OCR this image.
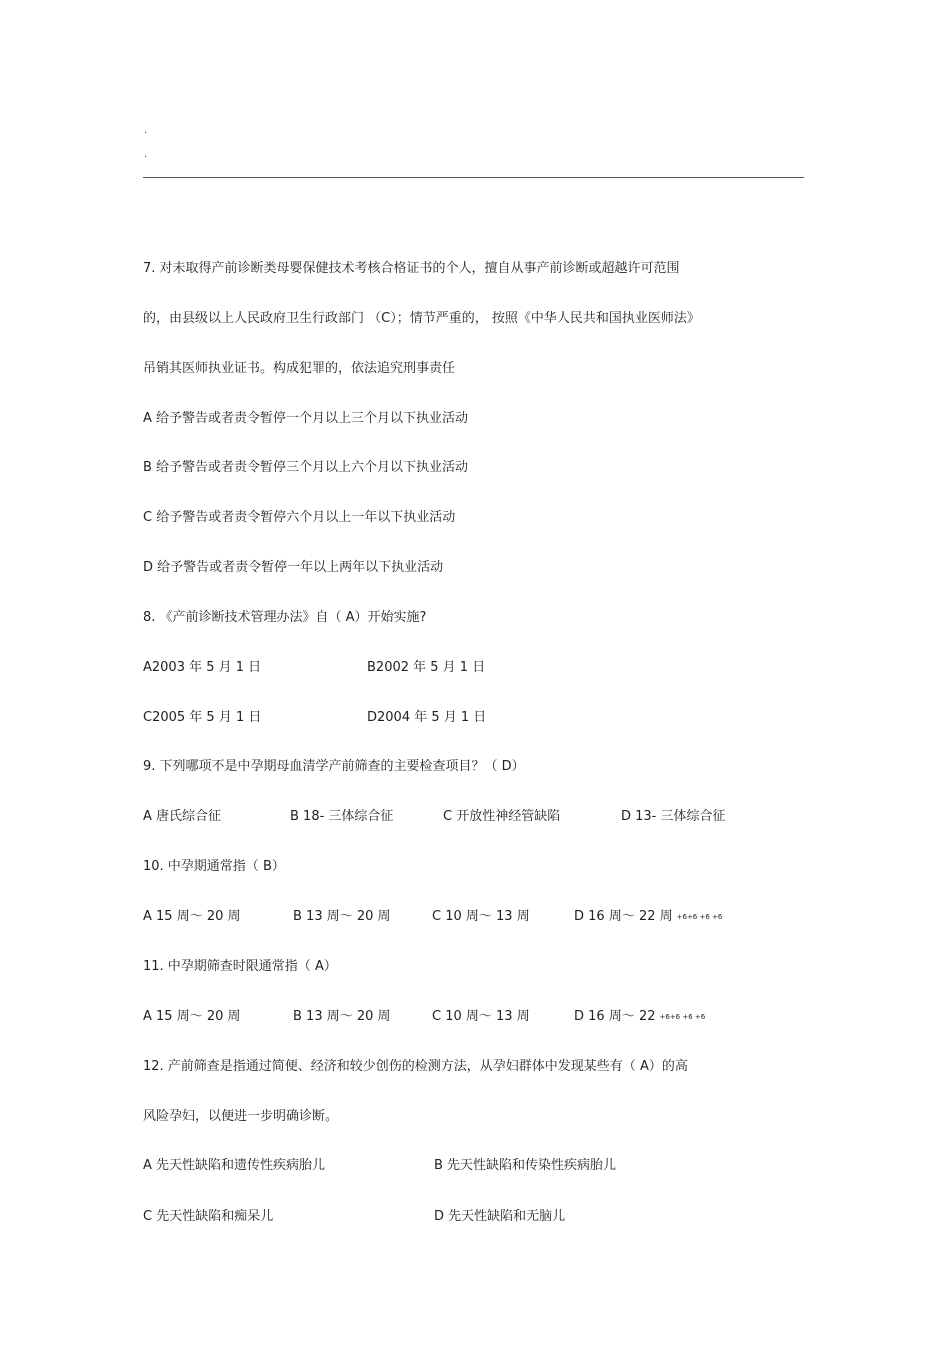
.
.
7. 对未取得产前诊断类母婴保健技术考核合格证书的个人，擅自从事产前诊断或超越许可范围
的，由县级以上人民政府卫生行政部门 （C）；情节严重的， 按照《中华人民共和国执业医师法》
吊销其医师执业证书。构成犯罪的，依法追究刑事责任
A 给予警告或者责令暂停一个月以上三个月以下执业活动
B 给予警告或者责令暂停三个月以上六个月以下执业活动
C 给予警告或者责令暂停六个月以上一年以下执业活动
D 给予警告或者责令暂停一年以上两年以下执业活动
8. 《产前诊断技术管理办法》自（ A）开始实施?
A2003 年 5 月 1 日	B2002 年 5 月 1 日
C2005 年 5 月 1 日	D2004 年 5 月 1 日
9. 下列哪项不是中孕期母血清学产前筛查的主要检查项目？（ D）
A 唐氏综合征	B 18- 三体综合征	C 开放性神经管缺陷	D 13- 三体综合征
10. 中孕期通常指（ B）
A 15 周～ 20 周	B 13 周～ 20 周	C 10 周～ 13 周	D 16 周～ 22 周 +6+6 +6 +6
11. 中孕期筛查时限通常指（ A）
A 15 周～ 20 周	B 13 周～ 20 周	C 10 周～ 13 周	D 16 周～ 22 +6+6 +6 +6
12. 产前筛查是指通过简便、经济和较少创伤的检测方法，从孕妇群体中发现某些有（ A）的高
风险孕妇，以便进一步明确诊断。
A 先天性缺陷和遗传性疾病胎儿	B 先天性缺陷和传染性疾病胎儿
C 先天性缺陷和痴呆儿	D 先天性缺陷和无脑儿
